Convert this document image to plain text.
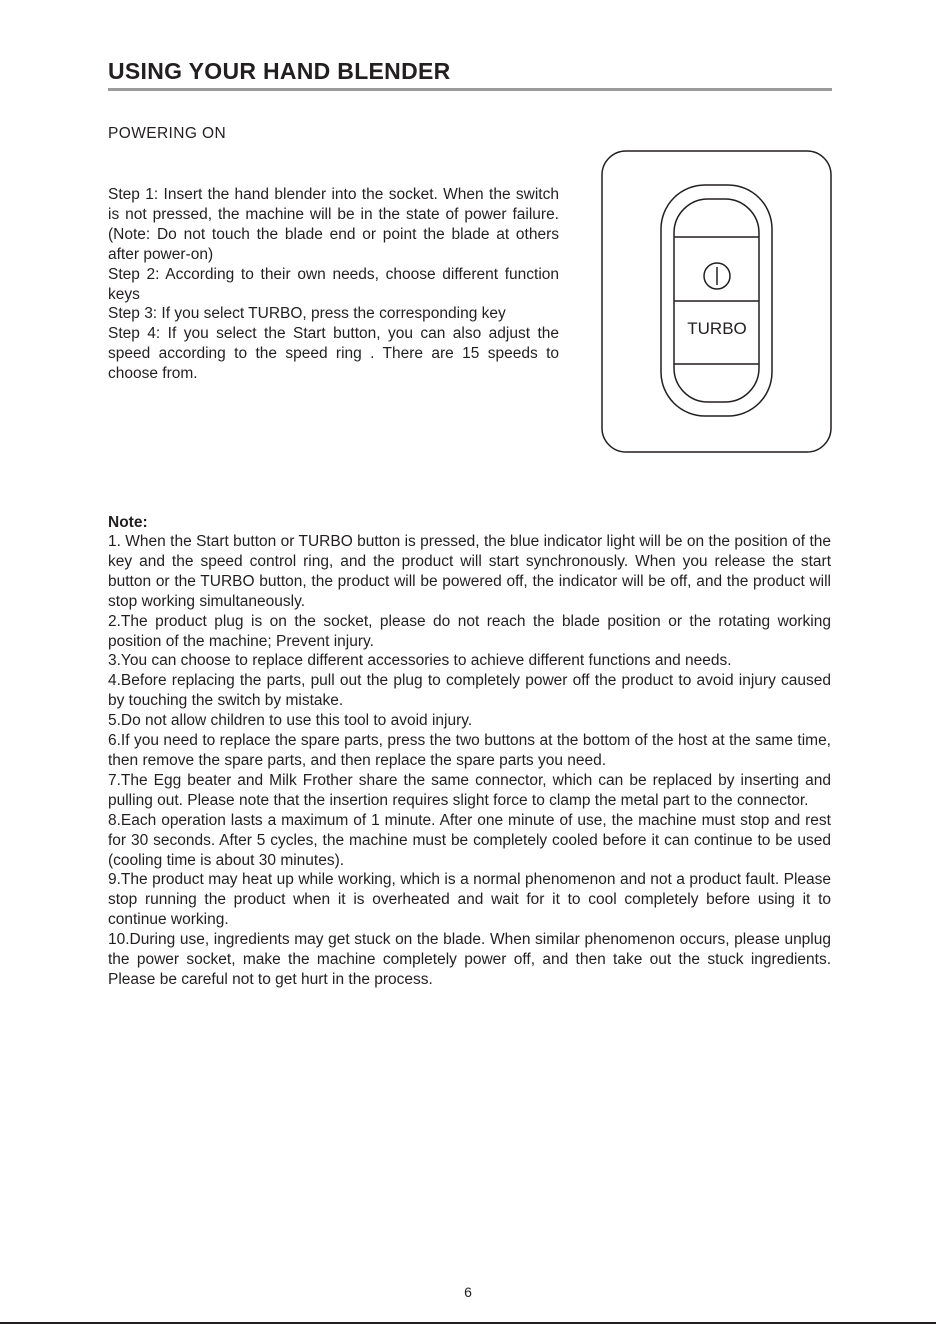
USING YOUR HAND BLENDER
POWERING ON

Step 1: Insert the hand blender into the socket. When the switch is not pressed, the machine will be in the state of power failure. (Note: Do not touch the blade end or point the blade at others after power-on)

Step 2: According to their own needs, choose different function keys

Step 3: If you select TURBO, press the corresponding key

Step 4: If you select the Start button, you can also adjust the speed according to the speed ring . There are 15 speeds to choose from.

TURBO
Note:

1. When the Start button or TURBO button is pressed, the blue indicator light will be on the position of the key and the speed control ring, and the product will start synchronously. When you release the start button or the TURBO button, the product will be powered off, the indicator will be off, and the product will stop working simultaneously.

2.The product plug is on the socket, please do not reach the blade position or the rotating working position of the machine; Prevent injury.

3.You can choose to replace different accessories to achieve different functions and needs.

4.Before replacing the parts, pull out the plug to completely power off the product to avoid injury caused by touching the switch by mistake.

5.Do not allow children to use this tool to avoid injury.

6.If you need to replace the spare parts, press the two buttons at the bottom of the host at the same time, then remove the spare parts, and then replace the spare parts you need.

7.The Egg beater and Milk Frother share the same connector, which can be replaced by inserting and pulling out. Please note that the insertion requires slight force to clamp the metal part to the connector.

8.Each operation lasts a maximum of 1 minute. After one minute of use, the machine must stop and rest for 30 seconds. After 5 cycles, the machine must be completely cooled before it can continue to be used (cooling time is about 30 minutes).

9.The product may heat up while working, which is a normal phenomenon and not a product fault. Please stop running the product when it is overheated and wait for it to cool completely before using it to continue working.

10.During use, ingredients may get stuck on the blade. When similar phenomenon occurs, please unplug the power socket, make the machine completely power off, and then take out the stuck ingredients. Please be careful not to get hurt in the process.

6
